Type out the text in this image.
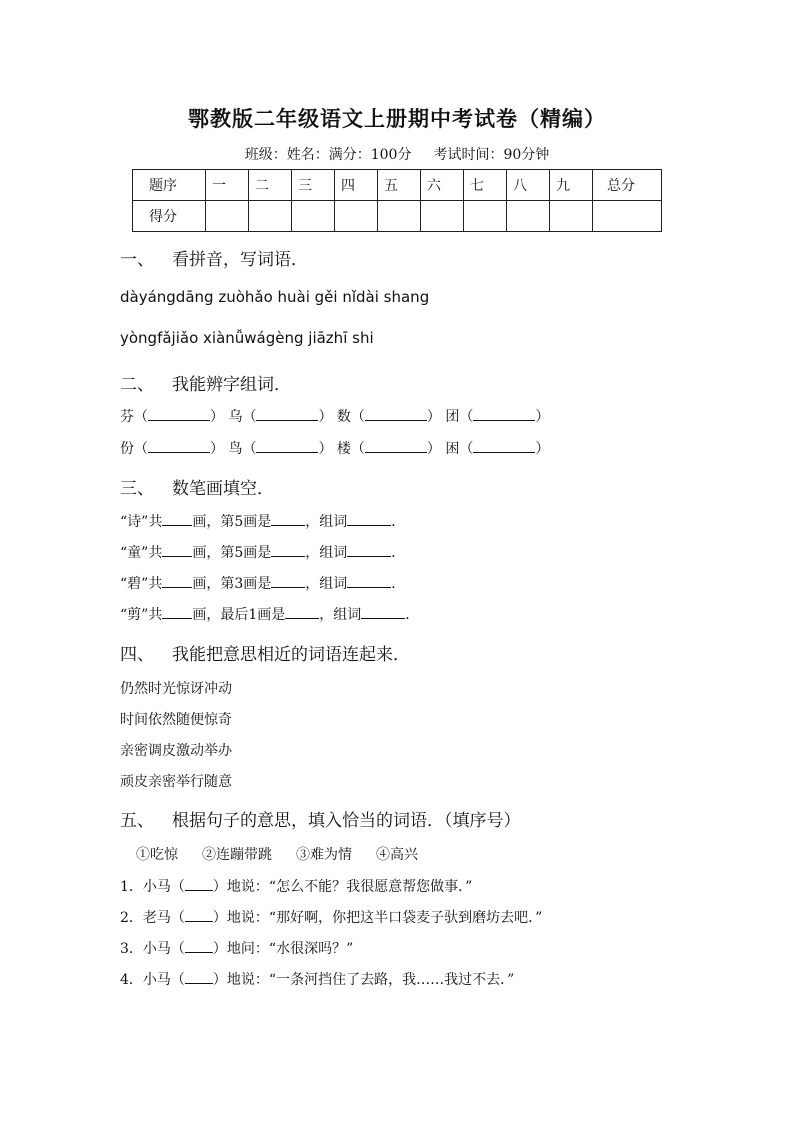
鄂教版二年级语文上册期中考试卷（精编）
班级：姓名：满分：100分 考试时间：90分钟
题序	一	二	三	四	五	六	七	八	九	总分
得分										
一、 看拼音，写词语．
dàyángdāng zuòhǎo huài gěi nǐdài shang
yòngfǎjiǎo xiànǚwágèng jiāzhī shi
二、 我能辨字组词．
芬（	） 乌（	） 数（	） 团（	）
份（	） 鸟（	） 楼（	） 困（	）
三、 数笔画填空．
“诗”共 画，第5画是 ，组词	．
“童”共 画，第5画是 ，组词	．
“碧”共 画，第3画是 ，组词	．
“剪”共 画，最后1画是 ，组词	．
四、 我能把意思相近的词语连起来．
仍然时光惊讶冲动
时间依然随便惊奇
亲密调皮激动举办
顽皮亲密举行随意
五、 根据句子的意思，填入恰当的词语．（填序号）
①吃惊 ②连蹦带跳 ③难为情 ④高兴
1．小马（ ）地说：“怎么不能？我很愿意帮您做事．”
2．老马（ ）地说：“那好啊，你把这半口袋麦子驮到磨坊去吧．”
3．小马（ ）地问：“水很深吗？”
4．小马（ ）地说：“一条河挡住了去路，我……我过不去．”
